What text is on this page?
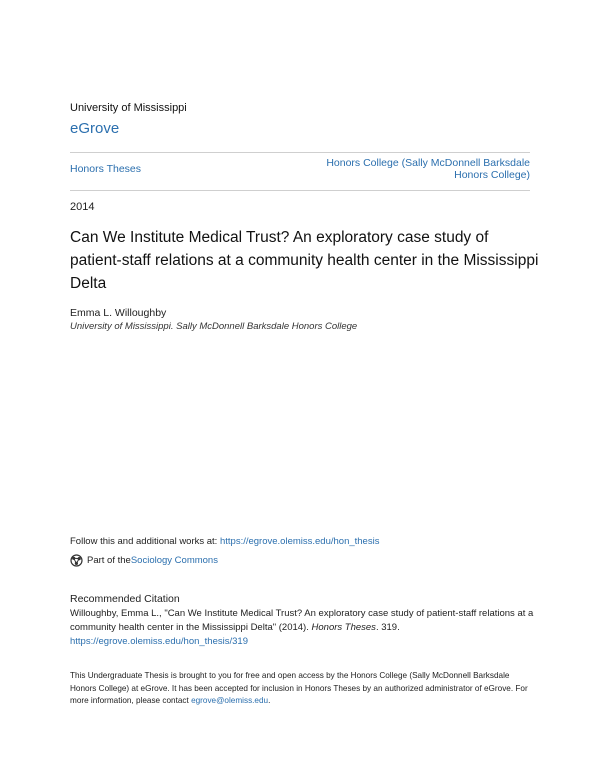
University of Mississippi
eGrove
Honors Theses	Honors College (Sally McDonnell Barksdale Honors College)
2014
Can We Institute Medical Trust? An exploratory case study of patient-staff relations at a community health center in the Mississippi Delta
Emma L. Willoughby
University of Mississippi. Sally McDonnell Barksdale Honors College
Follow this and additional works at: https://egrove.olemiss.edu/hon_thesis
Part of the Sociology Commons
Recommended Citation
Willoughby, Emma L., "Can We Institute Medical Trust? An exploratory case study of patient-staff relations at a community health center in the Mississippi Delta" (2014). Honors Theses. 319.
https://egrove.olemiss.edu/hon_thesis/319
This Undergraduate Thesis is brought to you for free and open access by the Honors College (Sally McDonnell Barksdale Honors College) at eGrove. It has been accepted for inclusion in Honors Theses by an authorized administrator of eGrove. For more information, please contact egrove@olemiss.edu.
